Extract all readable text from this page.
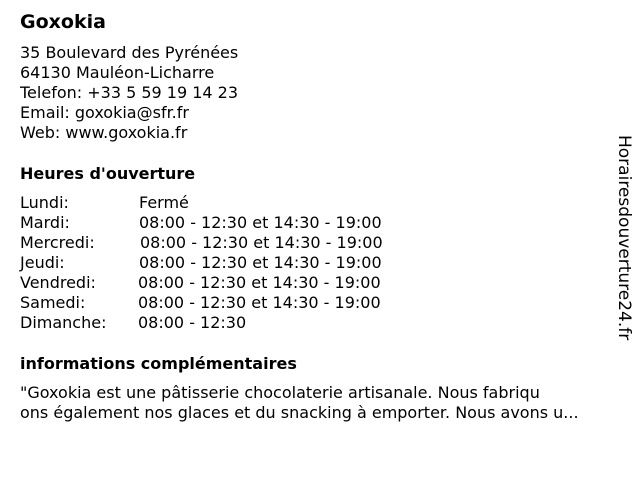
Goxokia
35 Boulevard des Pyrénées
64130 Mauléon-Licharre
Telefon: +33 5 59 19 14 23
Email: goxokia@sfr.fr
Web: www.goxokia.fr
Heures d'ouverture
Lundi:	Fermé
Mardi:	08:00 - 12:30 et 14:30 - 19:00
Mercredi:	08:00 - 12:30 et 14:30 - 19:00
Jeudi:	08:00 - 12:30 et 14:30 - 19:00
Vendredi:	08:00 - 12:30 et 14:30 - 19:00
Samedi:	08:00 - 12:30 et 14:30 - 19:00
Dimanche: 08:00 - 12:30
informations complémentaires
"Goxokia est une pâtisserie chocolaterie artisanale. Nous fabriqu
ons également nos glaces et du snacking à emporter. Nous avons u...
Horairesdouverture24.fr
